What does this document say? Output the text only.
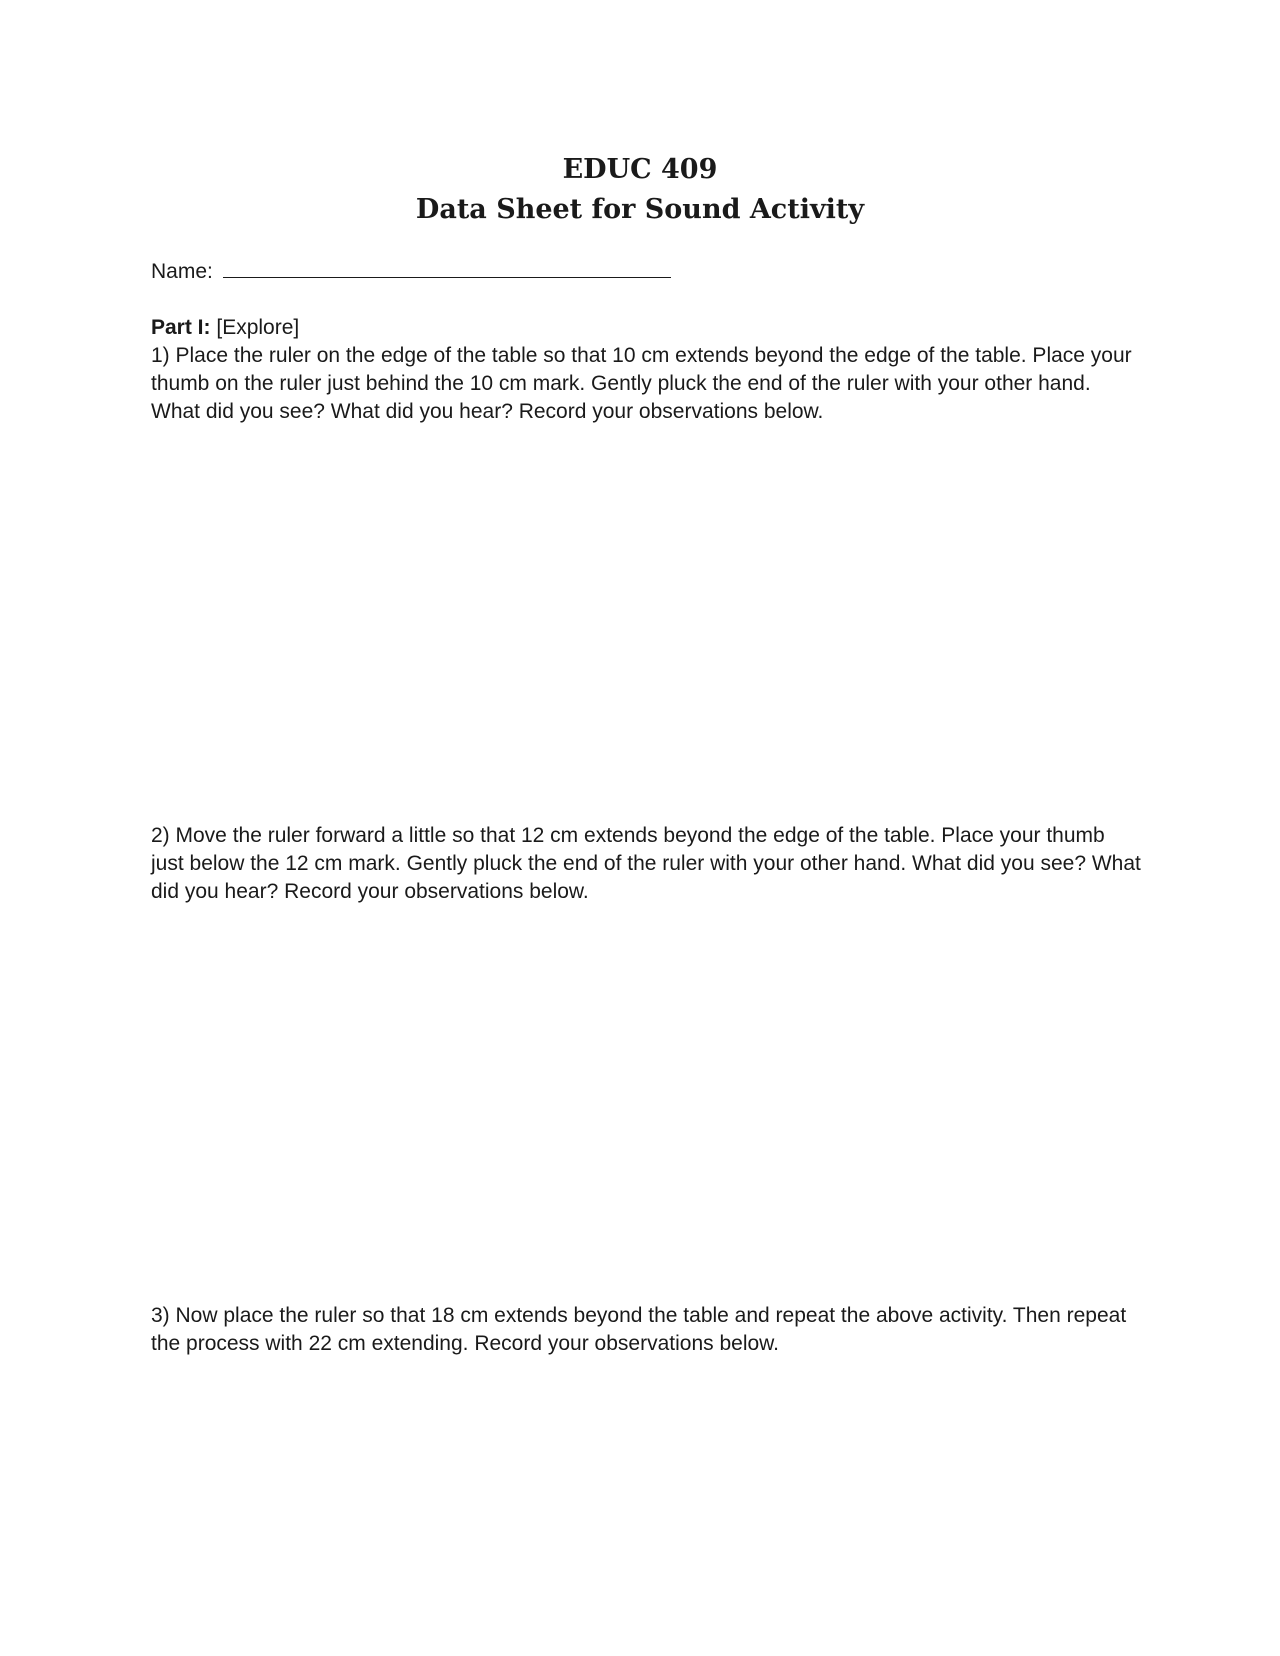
EDUC 409
Data Sheet for Sound Activity
Name:
Part I: [Explore]
1) Place the ruler on the edge of the table so that 10 cm extends beyond the edge of the table. Place your thumb on the ruler just behind the 10 cm mark. Gently pluck the end of the ruler with your other hand. What did you see? What did you hear? Record your observations below.
2) Move the ruler forward a little so that 12 cm extends beyond the edge of the table. Place your thumb just below the 12 cm mark. Gently pluck the end of the ruler with your other hand. What did you see? What did you hear? Record your observations below.
3) Now place the ruler so that 18 cm extends beyond the table and repeat the above activity. Then repeat the process with 22 cm extending. Record your observations below.
